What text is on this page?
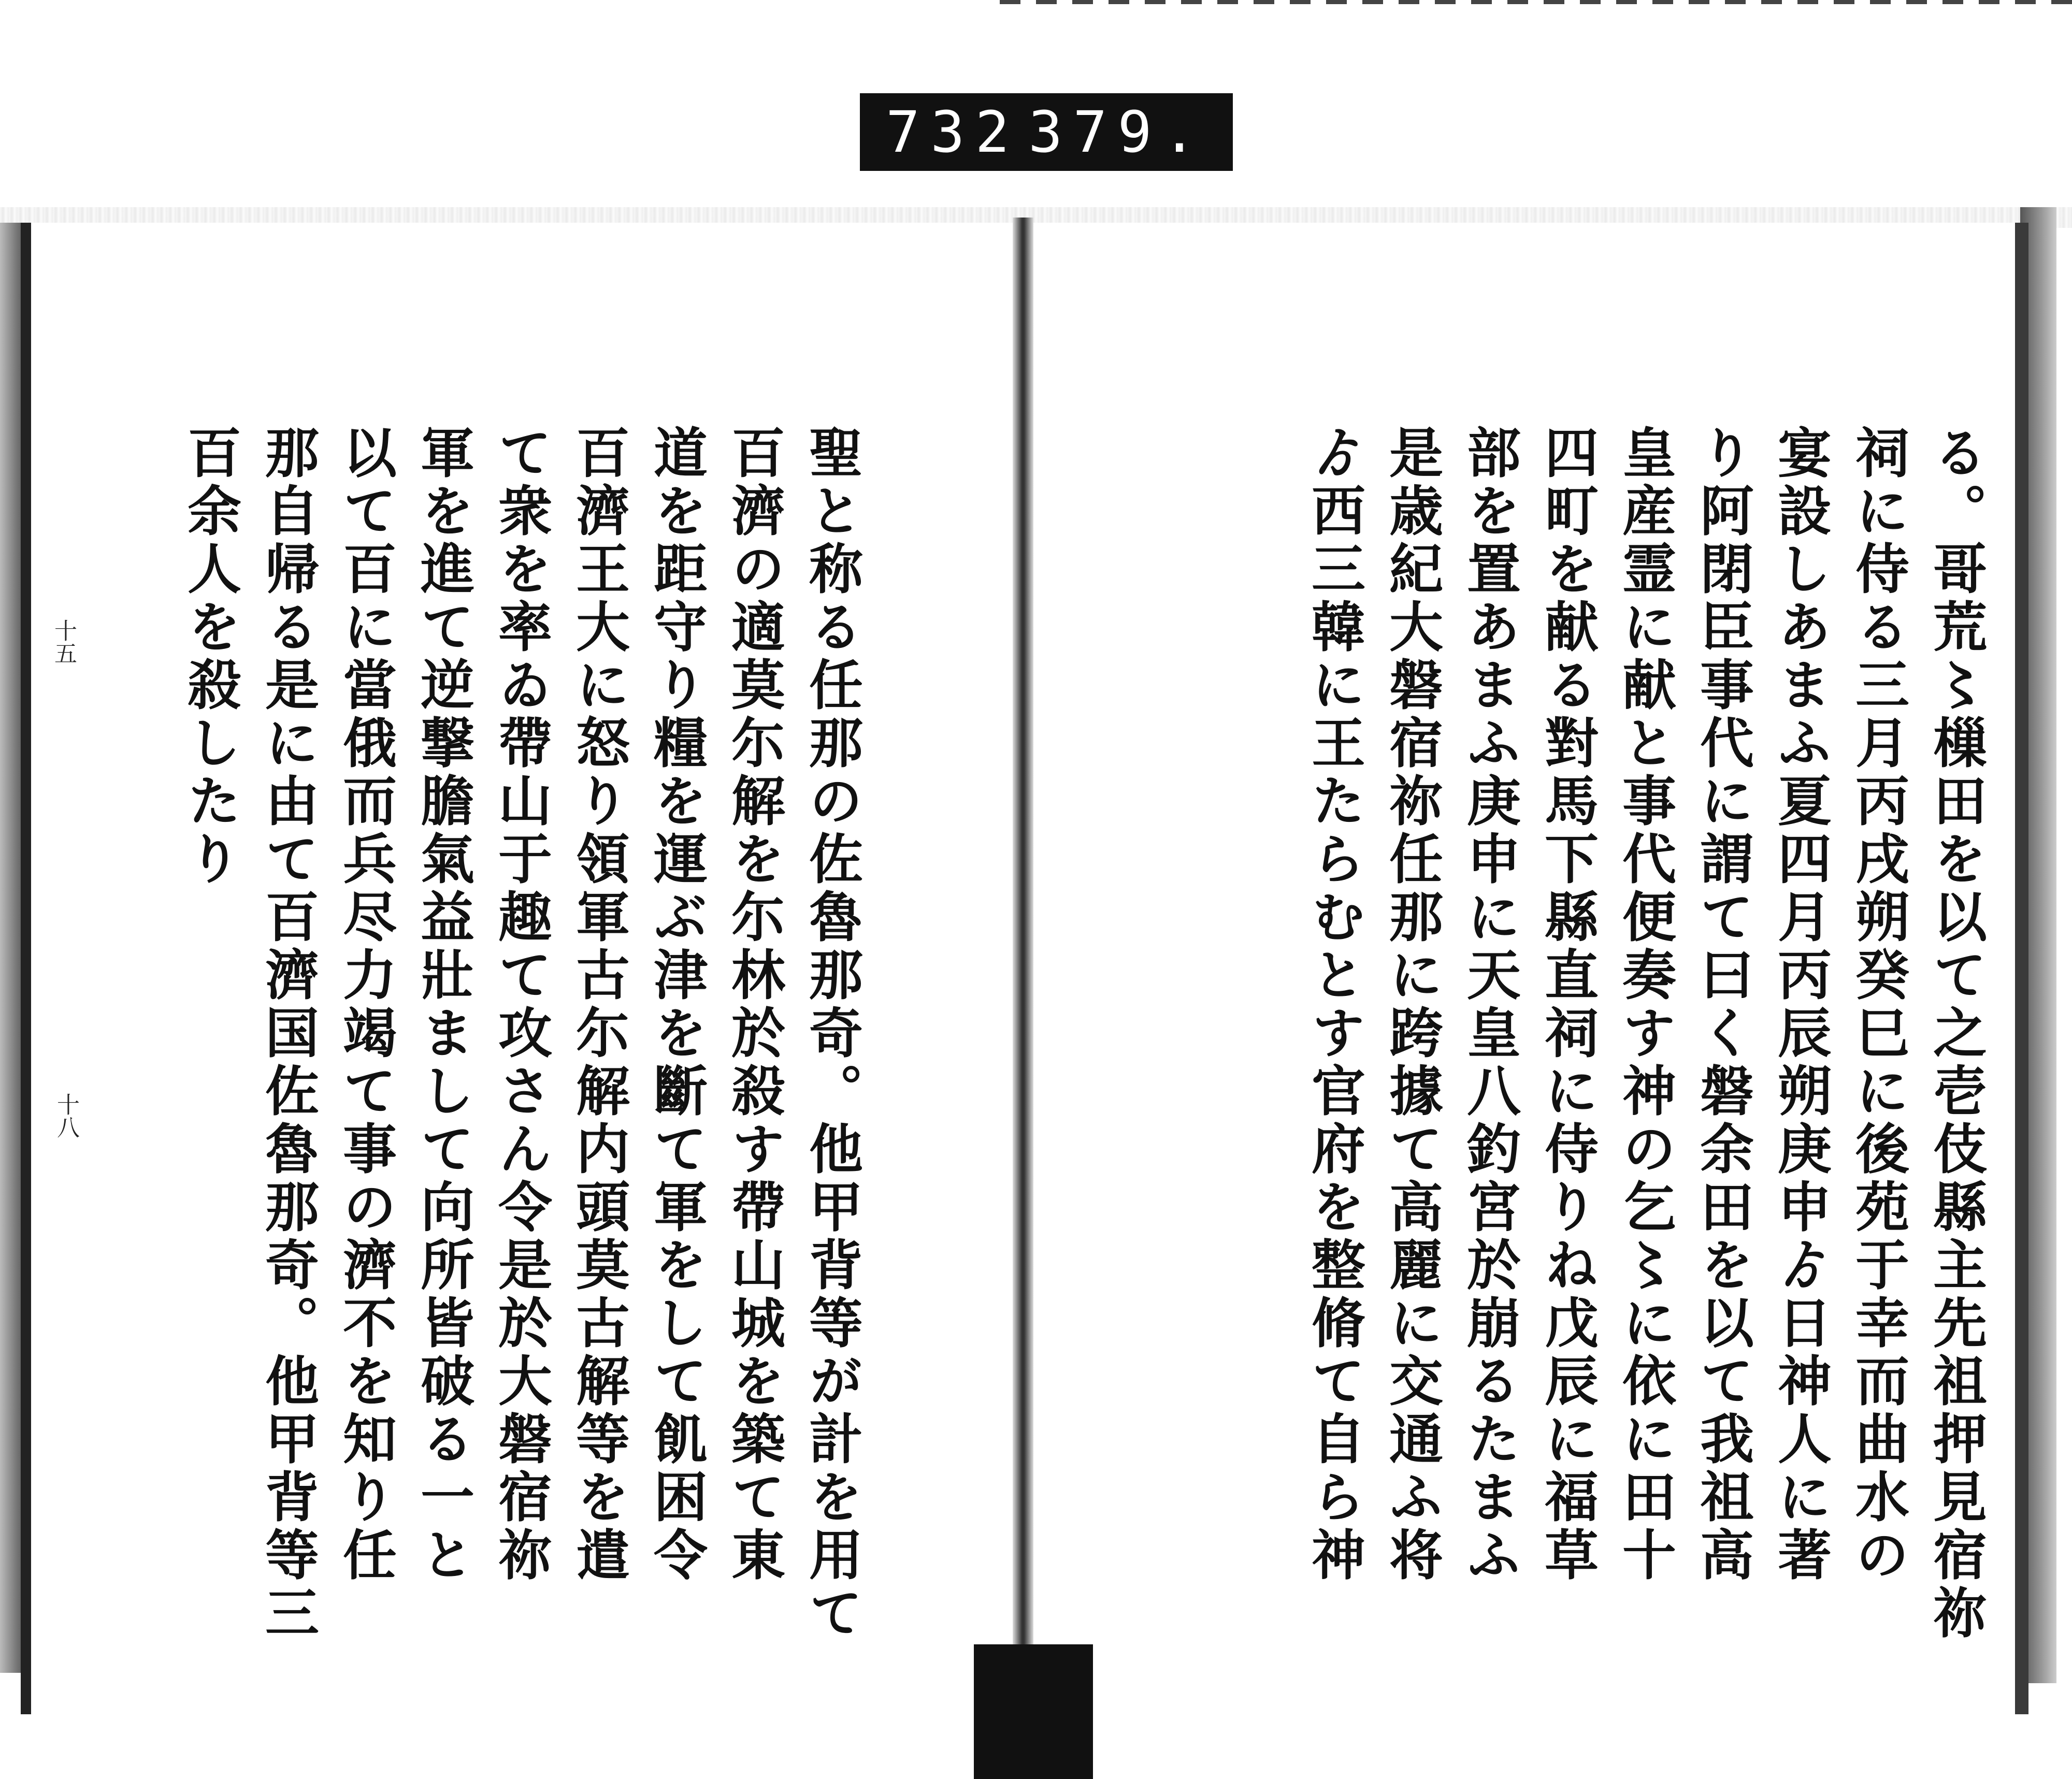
732 379.
十五
十八	る。哥荒〻樔田を以て之壱伎縣主先祖押見宿祢
祠に侍る三月丙戌朔癸巳に後苑于幸而曲水の
宴設しあまふ夏四月丙辰朔庚申ゟ日神人に著
り阿閉臣事代に謂て曰く磐余田を以て我祖高
皇産霊に献と事代便奏す神の乞〻に依に田十
四町を献る對馬下縣直祠に侍りね戊辰に福草
部を置あまふ庚申に天皇八釣宮於崩るたまふ
是歳紀大磐宿祢任那に跨據て高麗に交通ふ将
ゟ西三韓に王たらむとす官府を整脩て自ら神
聖と称る任那の佐魯那奇。他甲背等が計を用て
百濟の適莫尓解を尓林於殺す帶山城を築て東
道を距守り糧を運ぶ津を斷て軍をして飢困令
百濟王大に怒り領軍古尓解内頭莫古解等を遣
て衆を率ゐ帶山于趣て攻さん令是於大磐宿祢
軍を進て逆撃膽氣益壯まして向所皆破る一と
以て百に當俄而兵尽力竭て事の濟不を知り任
那自帰る是に由て百濟国佐魯那奇。他甲背等三
百余人を殺したり
